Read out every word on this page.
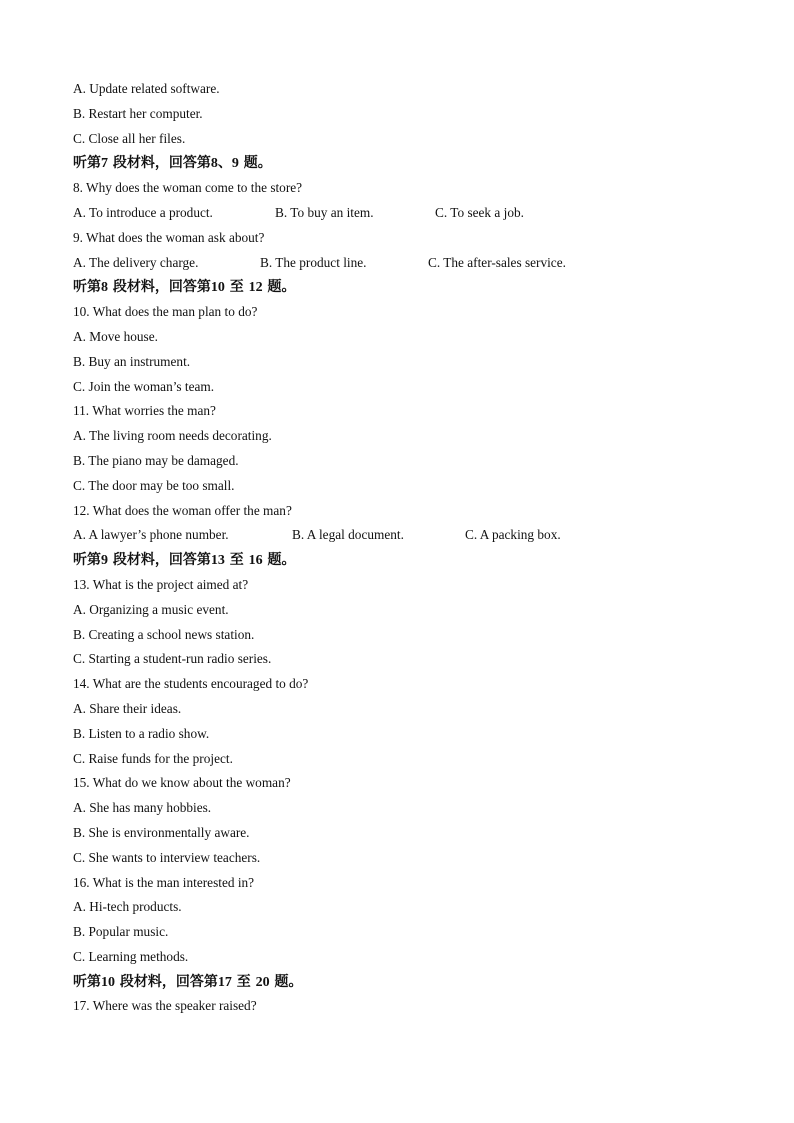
A. Update related software.
B. Restart her computer.
C. Close all her files.
听第7 段材料，回答第8、9 题。
8. Why does the woman come to the store?
A. To introduce a product.	B. To buy an item.	C. To seek a job.
9. What does the woman ask about?
A. The delivery charge.	B. The product line.	C. The after-sales service.
听第8 段材料，回答第10 至 12 题。
10. What does the man plan to do?
A. Move house.
B. Buy an instrument.
C. Join the woman’s team.
11. What worries the man?
A. The living room needs decorating.
B. The piano may be damaged.
C. The door may be too small.
12. What does the woman offer the man?
A. A lawyer’s phone number.	B. A legal document.	C. A packing box.
听第9 段材料，回答第13 至 16 题。
13. What is the project aimed at?
A. Organizing a music event.
B. Creating a school news station.
C. Starting a student-run radio series.
14. What are the students encouraged to do?
A. Share their ideas.
B. Listen to a radio show.
C. Raise funds for the project.
15. What do we know about the woman?
A. She has many hobbies.
B. She is environmentally aware.
C. She wants to interview teachers.
16. What is the man interested in?
A. Hi-tech products.
B. Popular music.
C. Learning methods.
听第10 段材料，回答第17 至 20 题。
17. Where was the speaker raised?
